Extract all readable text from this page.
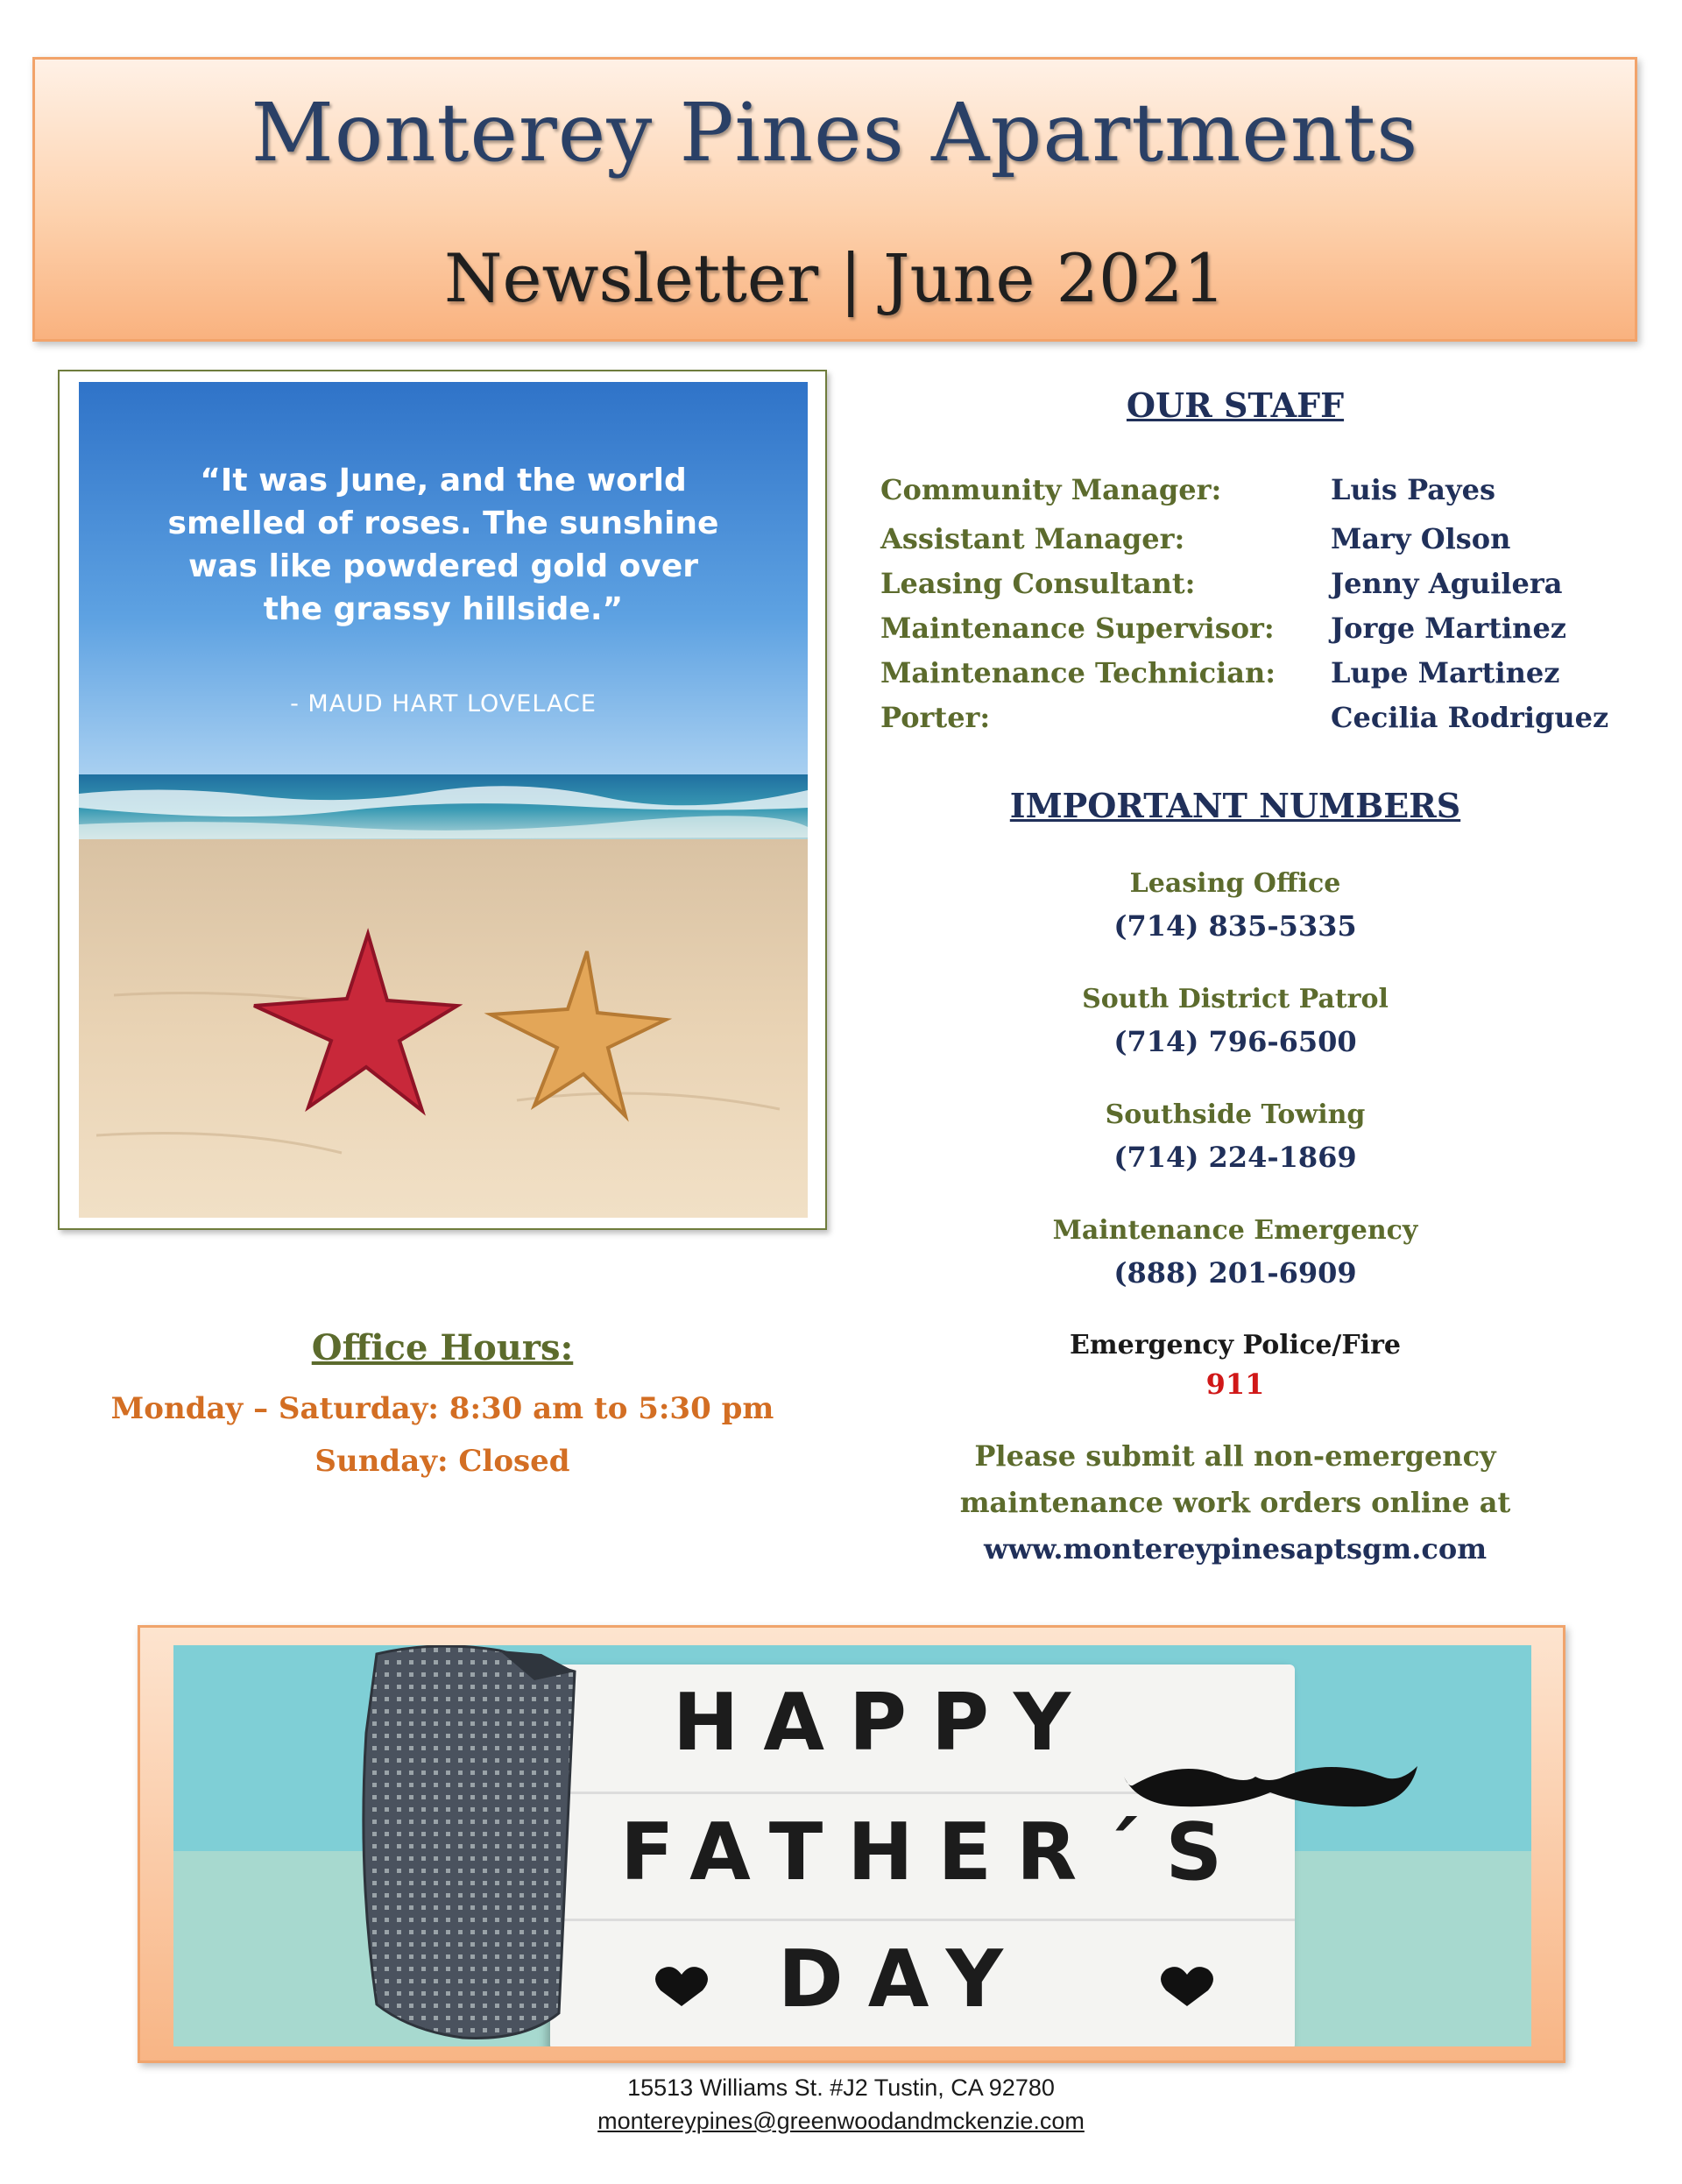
Monterey Pines Apartments
Newsletter | June 2021
“It was June, and the world smelled of roses. The sunshine was like powdered gold over the grassy hillside.”
- MAUD HART LOVELACE
OUR STAFF
Community Manager:	Luis Payes
Assistant Manager:	Mary Olson
Leasing Consultant:	Jenny Aguilera
Maintenance Supervisor: Jorge Martinez
Maintenance Technician: Lupe Martinez
Porter:	Cecilia Rodriguez
IMPORTANT NUMBERS
Leasing Office
(714) 835-5335
South District Patrol
(714) 796-6500
Southside Towing
(714) 224-1869
Maintenance Emergency
(888) 201-6909
Emergency Police/Fire
911
Please submit all non-emergency
maintenance work orders online at
www.montereypinesaptsgm.com
Office Hours:
Monday – Saturday: 8:30 am to 5:30 pm
Sunday: Closed
HAPPY
FATHER´S
DAY
15513 Williams St. #J2 Tustin, CA 92780
montereypines@greenwoodandmckenzie.com
